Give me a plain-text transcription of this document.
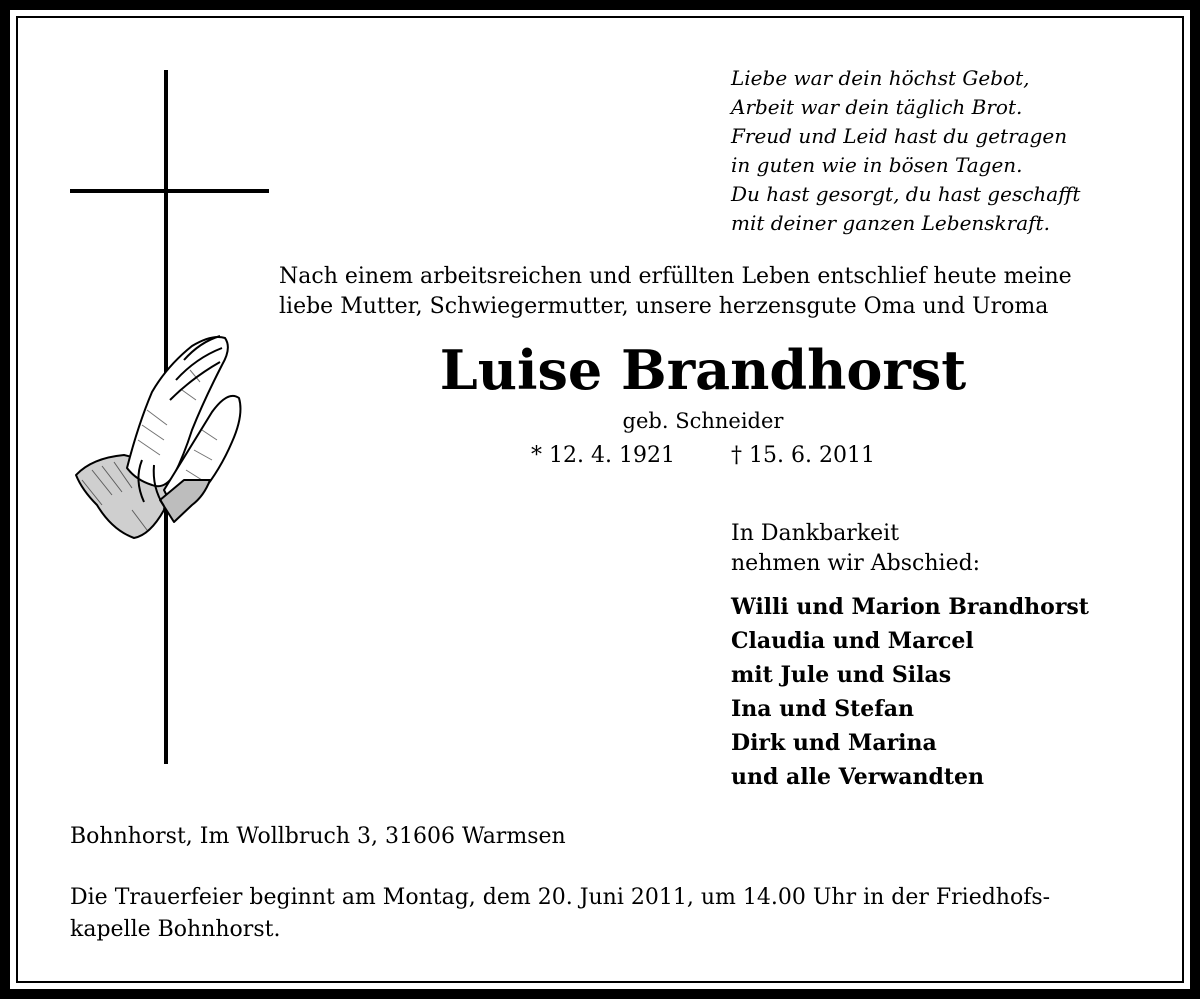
Liebe war dein höchst Gebot,
Arbeit war dein täglich Brot.
Freud und Leid hast du getragen
in guten wie in bösen Tagen.
Du hast gesorgt, du hast geschafft
mit deiner ganzen Lebenskraft.
Nach einem arbeitsreichen und erfüllten Leben entschlief heute meine
liebe Mutter, Schwiegermutter, unsere herzensgute Oma und Uroma
Luise Brandhorst
geb. Schneider
* 12. 4. 1921	† 15. 6. 2011
In Dankbarkeit
nehmen wir Abschied:
Willi und Marion Brandhorst
Claudia und Marcel
mit Jule und Silas
Ina und Stefan
Dirk und Marina
und alle Verwandten
Bohnhorst, Im Wollbruch 3, 31606 Warmsen
Die Trauerfeier beginnt am Montag, dem 20. Juni 2011, um 14.00 Uhr in der Friedhofs-
kapelle Bohnhorst.
